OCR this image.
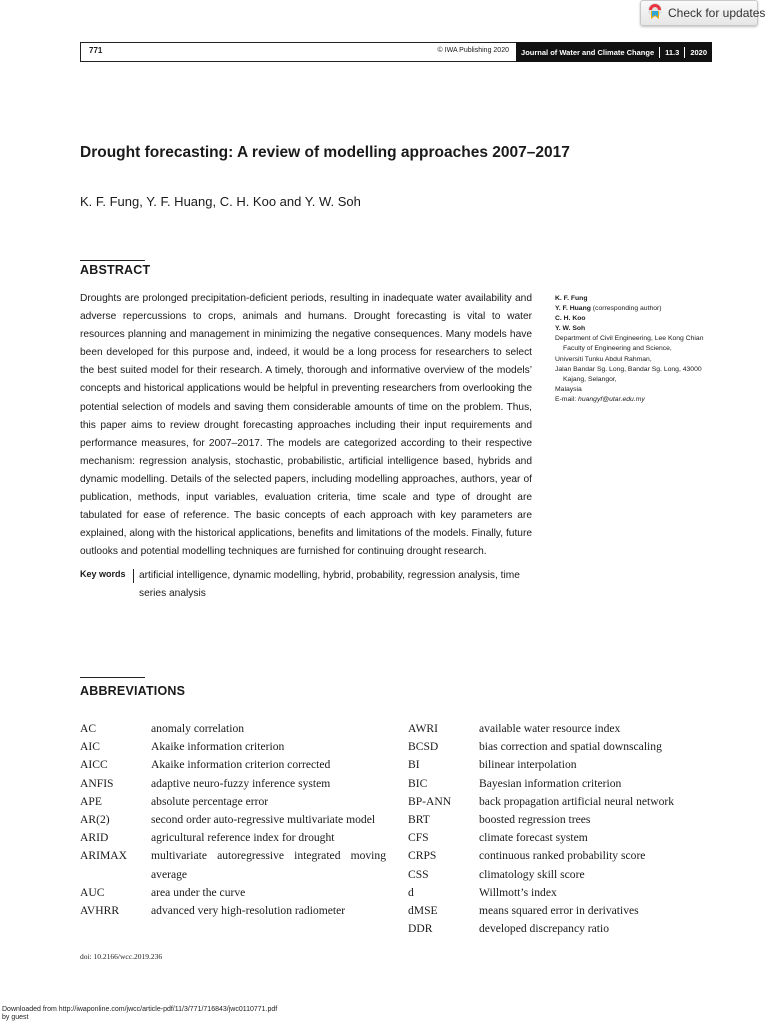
Check for updates
771	© IWA Publishing 2020 Journal of Water and Climate Change 11.3 2020
Drought forecasting: A review of modelling approaches 2007–2017
K. F. Fung, Y. F. Huang, C. H. Koo and Y. W. Soh
ABSTRACT

Droughts are prolonged precipitation-deficient periods, resulting in inadequate water availability and adverse repercussions to crops, animals and humans. Drought forecasting is vital to water resources planning and management in minimizing the negative consequences. Many models have been developed for this purpose and, indeed, it would be a long process for researchers to select the best suited model for their research. A timely, thorough and informative overview of the models’ concepts and historical applications would be helpful in preventing researchers from overlooking the potential selection of models and saving them considerable amounts of time on the problem. Thus, this paper aims to review drought forecasting approaches including their input requirements and performance measures, for 2007–2017. The models are categorized according to their respective mechanism: regression analysis, stochastic, probabilistic, artificial intelligence based, hybrids and dynamic modelling. Details of the selected papers, including modelling approaches, authors, year of publication, methods, input variables, evaluation criteria, time scale and type of drought are tabulated for ease of reference. The basic concepts of each approach with key parameters are explained, along with the historical applications, benefits and limitations of the models. Finally, future outlooks and potential modelling techniques are furnished for continuing drought research.

Key words artificial intelligence, dynamic modelling, hybrid, probability, regression analysis, time series analysis
K. F. Fung
Y. F. Huang (corresponding author)
C. H. Koo
Y. W. Soh
Department of Civil Engineering, Lee Kong Chian
Faculty of Engineering and Science,
Universiti Tunku Abdul Rahman,
Jalan Bandar Sg. Long, Bandar Sg. Long, 43000
Kajang, Selangor,
Malaysia
E-mail: huangyf@utar.edu.my
ABBREVIATIONS
AC	anomaly correlation
AIC	Akaike information criterion
AICC	Akaike information criterion corrected
ANFIS	adaptive neuro-fuzzy inference system
APE	absolute percentage error
AR(2)	second order auto-regressive multivariate model
ARID	agricultural reference index for drought
ARIMAX	multivariate autoregressive integrated moving average
AUC	area under the curve
AVHRR	advanced very high-resolution radiometer
AWRI	available water resource index
BCSD	bias correction and spatial downscaling
BI	bilinear interpolation
BIC	Bayesian information criterion
BP-ANN	back propagation artificial neural network
BRT	boosted regression trees
CFS	climate forecast system
CRPS	continuous ranked probability score
CSS	climatology skill score
d	Willmott’s index
dMSE	means squared error in derivatives
DDR	developed discrepancy ratio
doi: 10.2166/wcc.2019.236
Downloaded from http://iwaponline.com/jwcc/article-pdf/11/3/771/716843/jwc0110771.pdf
by guest
